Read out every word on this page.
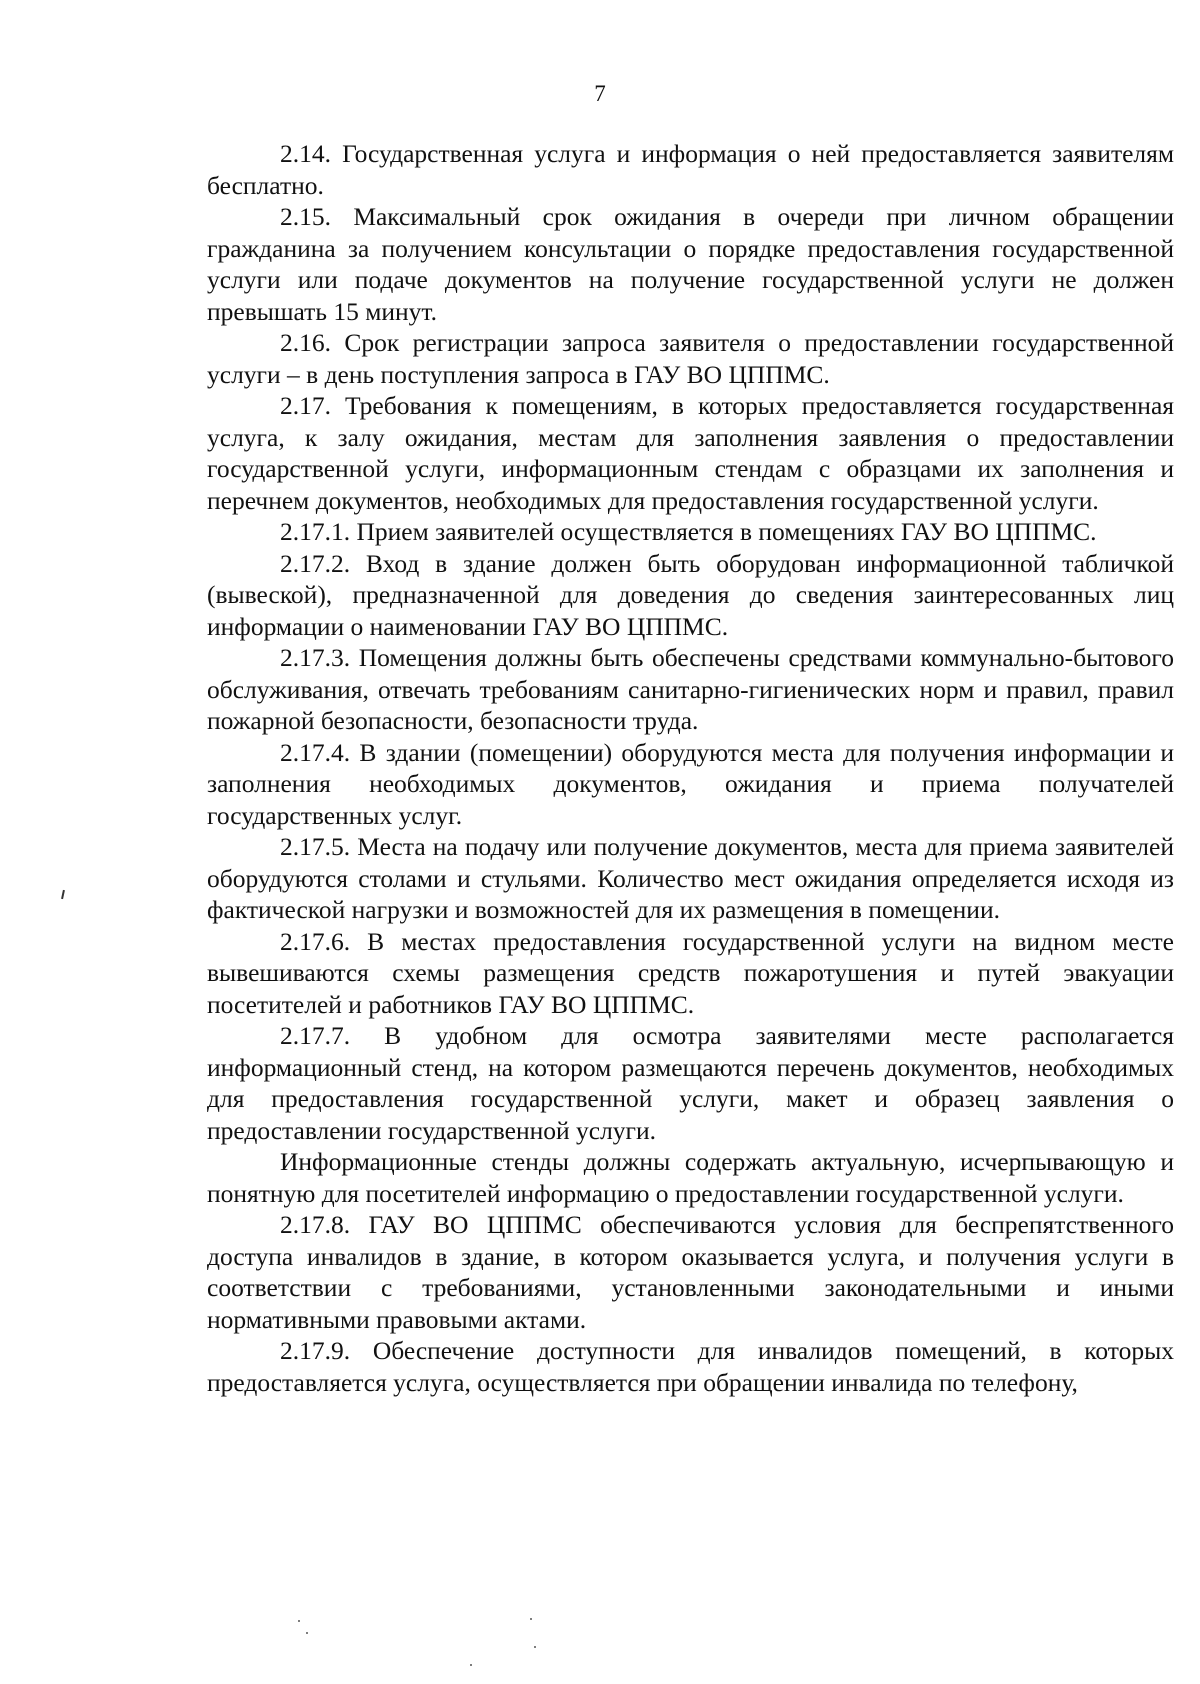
7

2.14. Государственная услуга и информация о ней предоставляется заявителям бесплатно.

2.15. Максимальный срок ожидания в очереди при личном обращении гражданина за получением консультации о порядке предоставления государственной услуги или подаче документов на получение государственной услуги не должен превышать 15 минут.

2.16. Срок регистрации запроса заявителя о предоставлении государственной услуги – в день поступления запроса в ГАУ ВО ЦППМС.

2.17. Требования к помещениям, в которых предоставляется государственная услуга, к залу ожидания, местам для заполнения заявления о предоставлении государственной услуги, информационным стендам с образцами их заполнения и перечнем документов, необходимых для предоставления государственной услуги.

2.17.1. Прием заявителей осуществляется в помещениях ГАУ ВО ЦППМС.

2.17.2. Вход в здание должен быть оборудован информационной табличкой (вывеской), предназначенной для доведения до сведения заинтересованных лиц информации о наименовании ГАУ ВО ЦППМС.

2.17.3. Помещения должны быть обеспечены средствами коммунально-бытового обслуживания, отвечать требованиям санитарно-гигиенических норм и правил, правил пожарной безопасности, безопасности труда.

2.17.4. В здании (помещении) оборудуются места для получения информации и заполнения необходимых документов, ожидания и приема получателей государственных услуг.

2.17.5. Места на подачу или получение документов, места для приема заявителей оборудуются столами и стульями. Количество мест ожидания определяется исходя из фактической нагрузки и возможностей для их размещения в помещении.

2.17.6. В местах предоставления государственной услуги на видном месте вывешиваются схемы размещения средств пожаротушения и путей эвакуации посетителей и работников ГАУ ВО ЦППМС.

2.17.7. В удобном для осмотра заявителями месте располагается информационный стенд, на котором размещаются перечень документов, необходимых для предоставления государственной услуги, макет и образец заявления о предоставлении государственной услуги.

Информационные стенды должны содержать актуальную, исчерпывающую и понятную для посетителей информацию о предоставлении государственной услуги.

2.17.8. ГАУ ВО ЦППМС обеспечиваются условия для беспрепятственного доступа инвалидов в здание, в котором оказывается услуга, и получения услуги в соответствии с требованиями, установленными законодательными и иными нормативными правовыми актами.

2.17.9. Обеспечение доступности для инвалидов помещений, в которых предоставляется услуга, осуществляется при обращении инвалида по телефону,
